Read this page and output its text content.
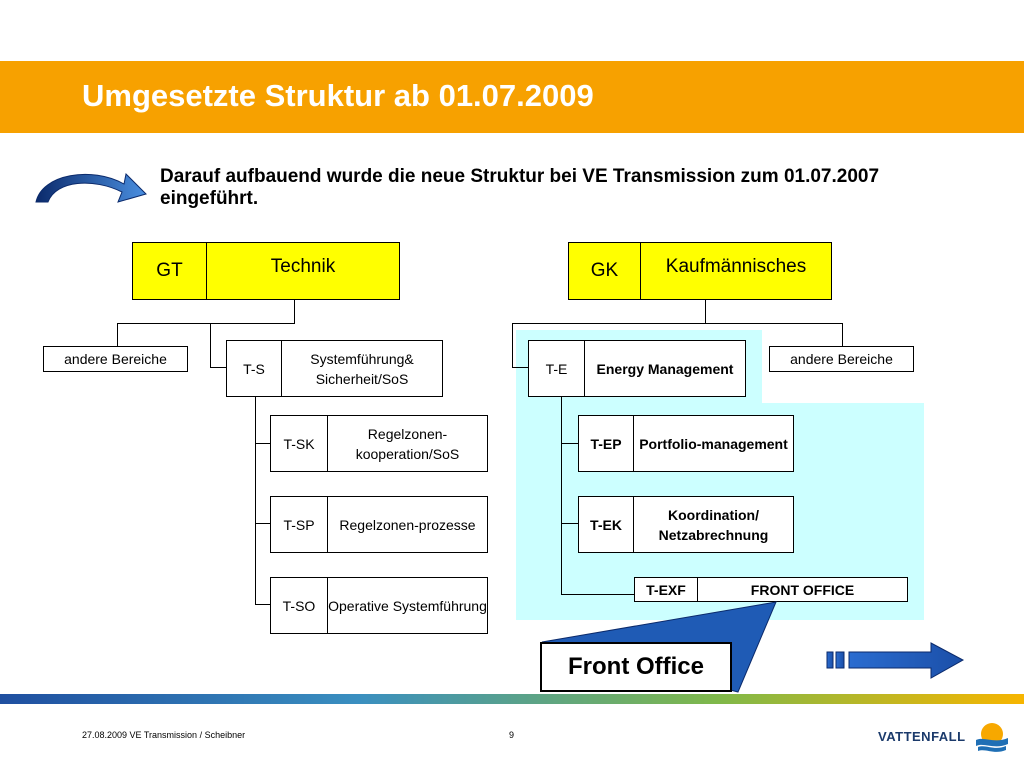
Umgesetzte Struktur ab 01.07.2009
Darauf aufbauend wurde die neue Struktur bei VE Transmission zum 01.07.2007 eingeführt.
GT	Technik
andere Bereiche
T-S
Systemführung& Sicherheit/SoS
T-SK
Regelzonen-kooperation/SoS
T-SP	Regelzonen-prozesse
T-SO Operative Systemführung
GK	Kaufmännisches
andere Bereiche
T-E	Energy Management
T-EP	Portfolio-management
T-EK
Koordination/ Netzabrechnung
T-EXF	FRONT OFFICE
Front Office
27.08.2009 VE Transmission / Scheibner	9	VATTENFALL
